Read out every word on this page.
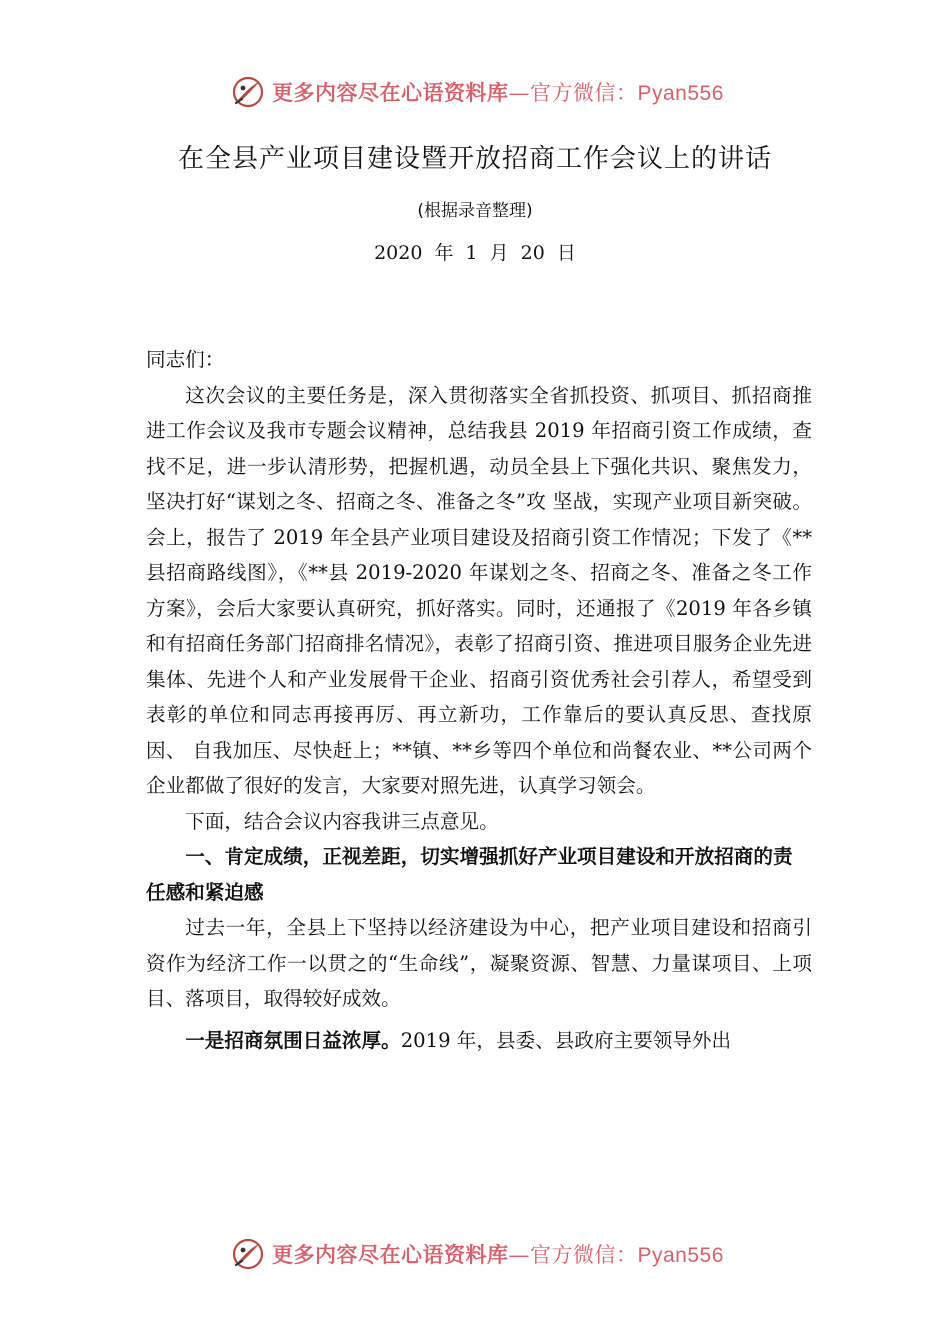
更多内容尽在心语资料库—官方微信：Pyan556
在全县产业项目建设暨开放招商工作会议上的讲话
(根据录音整理)
2020 年 1 月 20 日

同志们：

这次会议的主要任务是，深入贯彻落实全省抓投资、抓项目、抓招商推进工作会议及我市专题会议精神，总结我县 2019 年招商引资工作成绩，查找不足，进一步认清形势，把握机遇，动员全县上下强化共识、聚焦发力，坚决打好“谋划之冬、招商之冬、准备之冬”攻 坚战，实现产业项目新突破。会上，报告了 2019 年全县产业项目建设及招商引资工作情况；下发了《**县招商路线图》，《**县 2019-2020 年谋划之冬、招商之冬、准备之冬工作方案》，会后大家要认真研究，抓好落实。同时，还通报了《2019 年各乡镇和有招商任务部门招商排名情况》，表彰了招商引资、推进项目服务企业先进集体、先进个人和产业发展骨干企业、招商引资优秀社会引荐人，希望受到表彰的单位和同志再接再厉、再立新功，工作靠后的要认真反思、查找原因、 自我加压、尽快赶上；**镇、**乡等四个单位和尚餐农业、**公司两个企业都做了很好的发言，大家要对照先进，认真学习领会。

下面，结合会议内容我讲三点意见。

一、肯定成绩，正视差距，切实增强抓好产业项目建设和开放招商的责任感和紧迫感

过去一年，全县上下坚持以经济建设为中心，把产业项目建设和招商引资作为经济工作一以贯之的“生命线”，凝聚资源、智慧、力量谋项目、上项目、落项目，取得较好成效。

一是招商氛围日益浓厚。2019 年，县委、县政府主要领导外出

更多内容尽在心语资料库—官方微信：Pyan556
